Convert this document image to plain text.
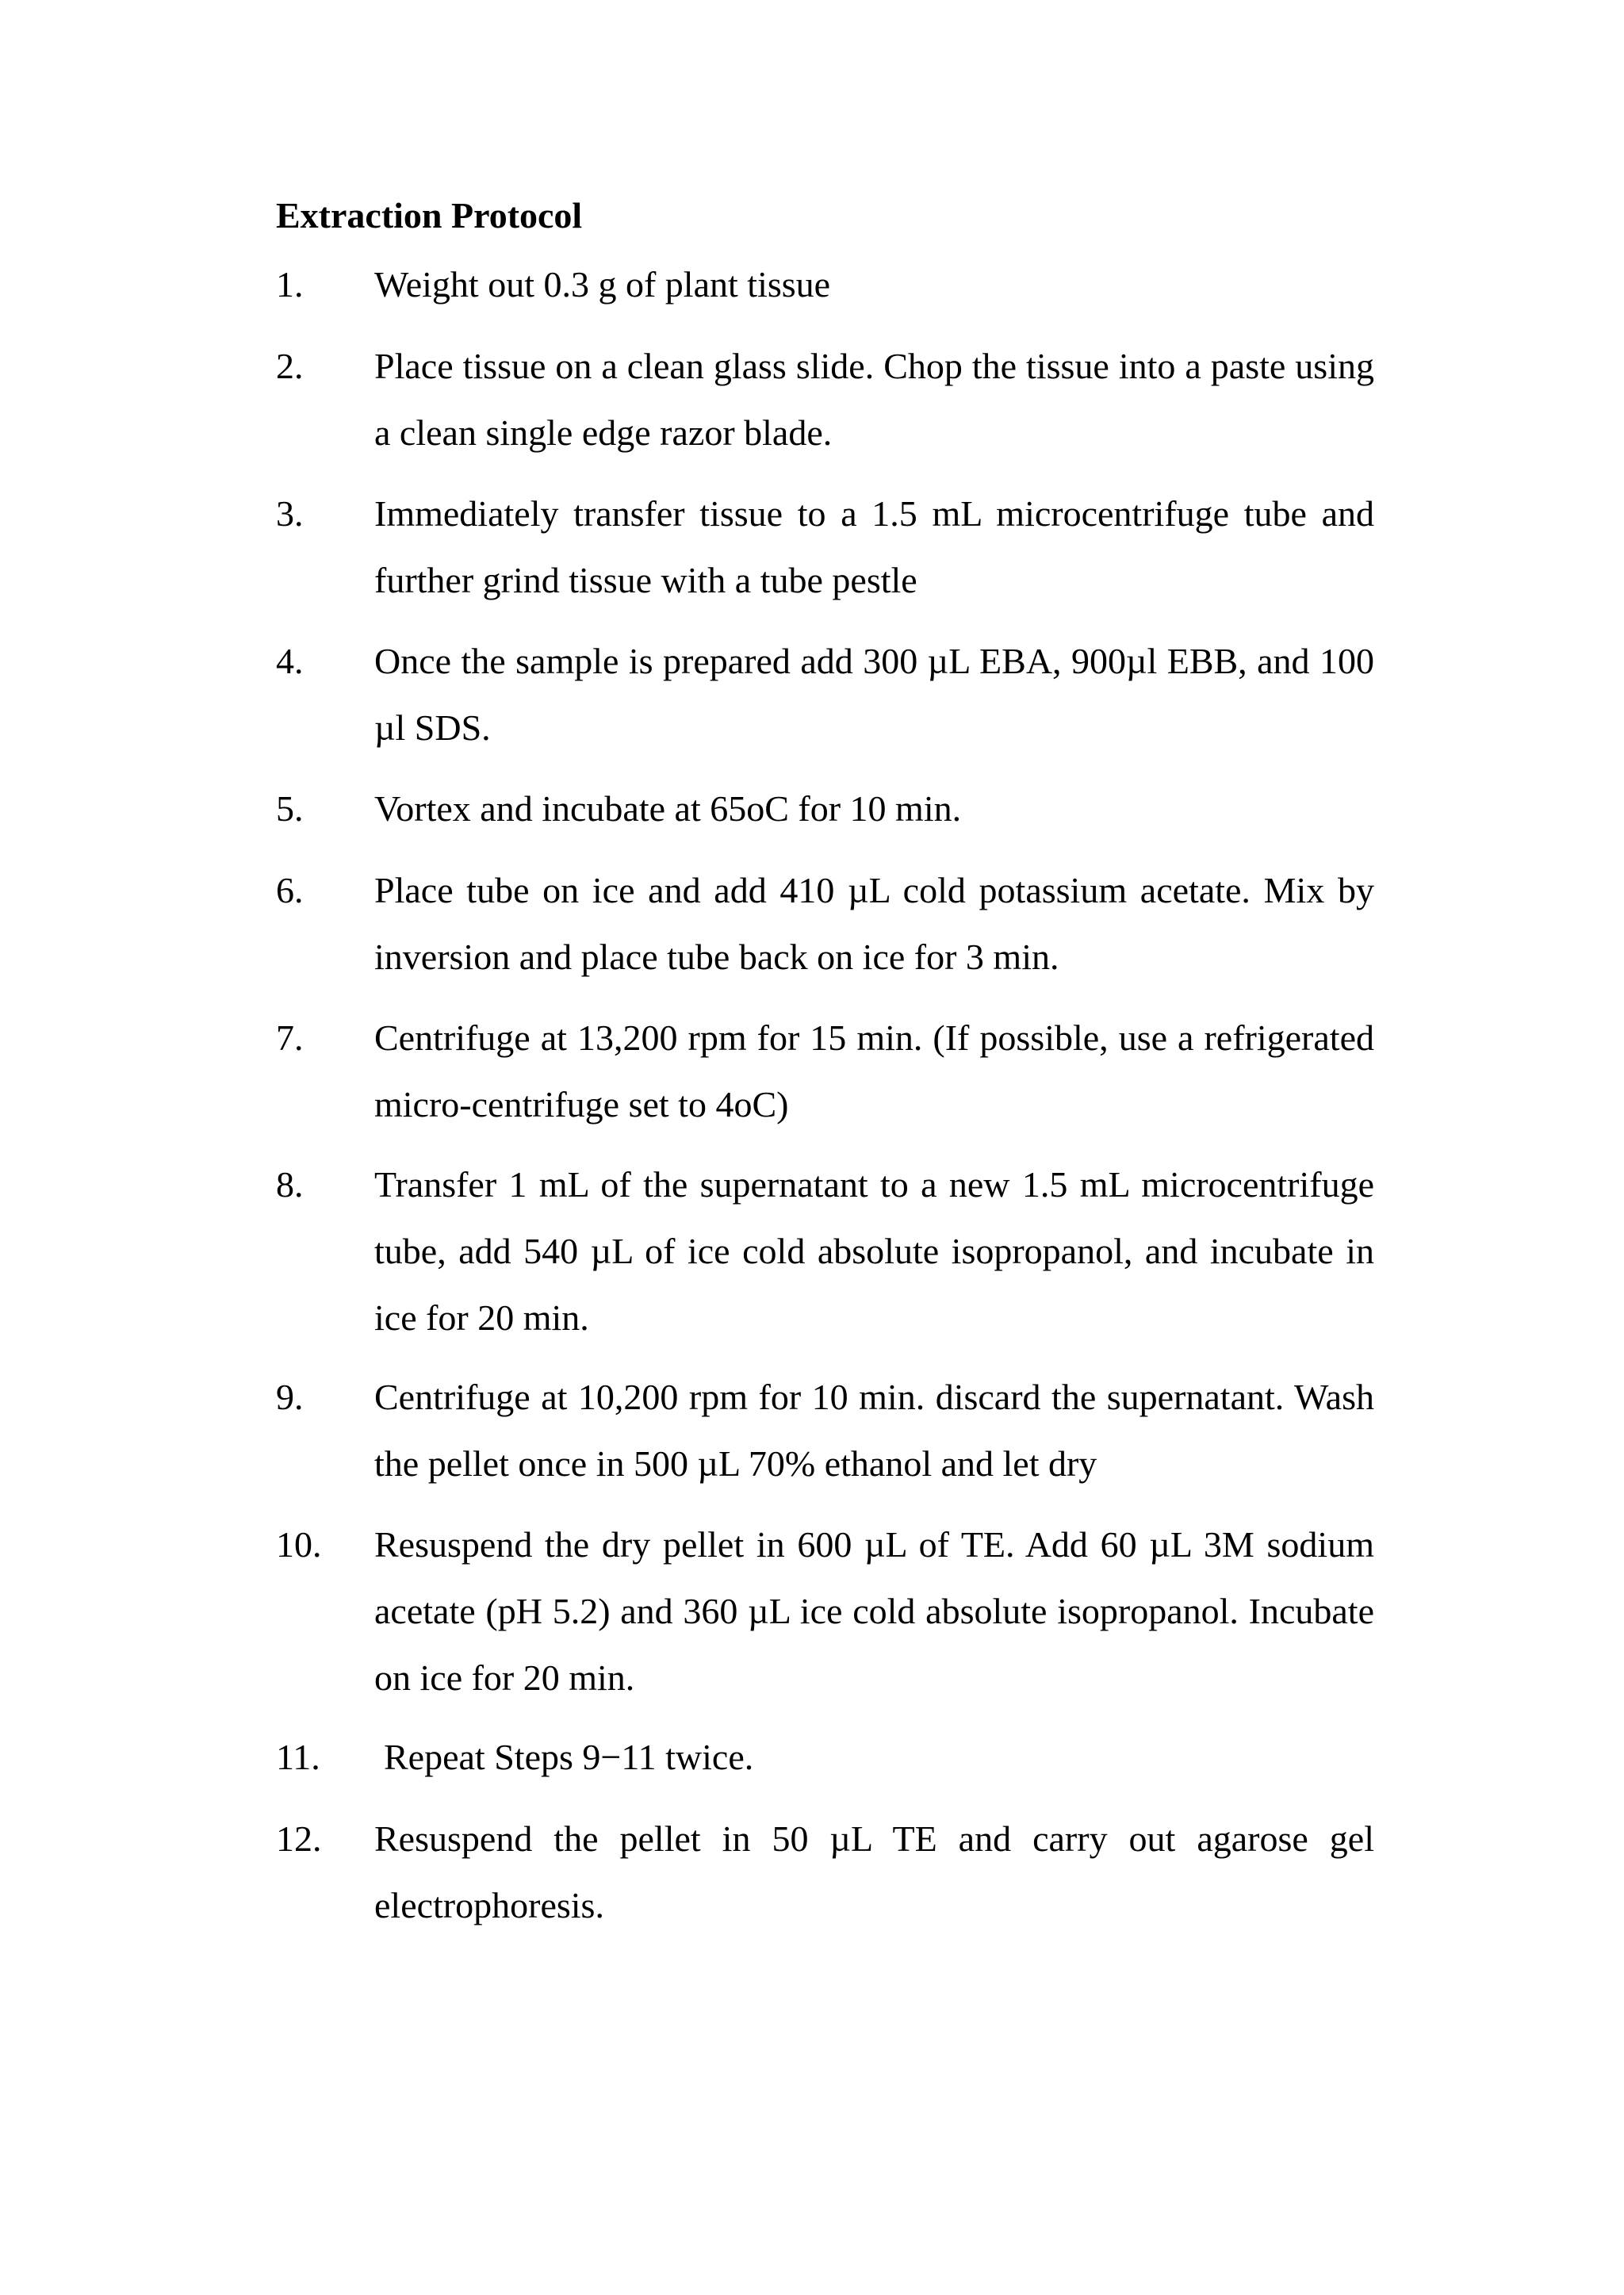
Extraction Protocol
1. Weight out 0.3 g of plant tissue
2. Place tissue on a clean glass slide. Chop the tissue into a paste using a clean single edge razor blade.
3. Immediately transfer tissue to a 1.5 mL microcentrifuge tube and further grind tissue with a tube pestle
4. Once the sample is prepared add 300 µL EBA, 900µl EBB, and 100 µl SDS.
5. Vortex and incubate at 65oC for 10 min.
6. Place tube on ice and add 410 µL cold potassium acetate. Mix by inversion and place tube back on ice for 3 min.
7. Centrifuge at 13,200 rpm for 15 min. (If possible, use a refrigerated micro-centrifuge set to 4oC)
8. Transfer 1 mL of the supernatant to a new 1.5 mL microcentrifuge tube, add 540 µL of ice cold absolute isopropanol, and incubate in ice for 20 min.
9. Centrifuge at 10,200 rpm for 10 min. discard the supernatant. Wash the pellet once in 500 µL 70% ethanol and let dry
10. Resuspend the dry pellet in 600 µL of TE. Add 60 µL 3M sodium acetate (pH 5.2) and 360 µL ice cold absolute isopropanol. Incubate on ice for 20 min.
11. Repeat Steps 9−11 twice.
12. Resuspend the pellet in 50 µL TE and carry out agarose gel electrophoresis.
